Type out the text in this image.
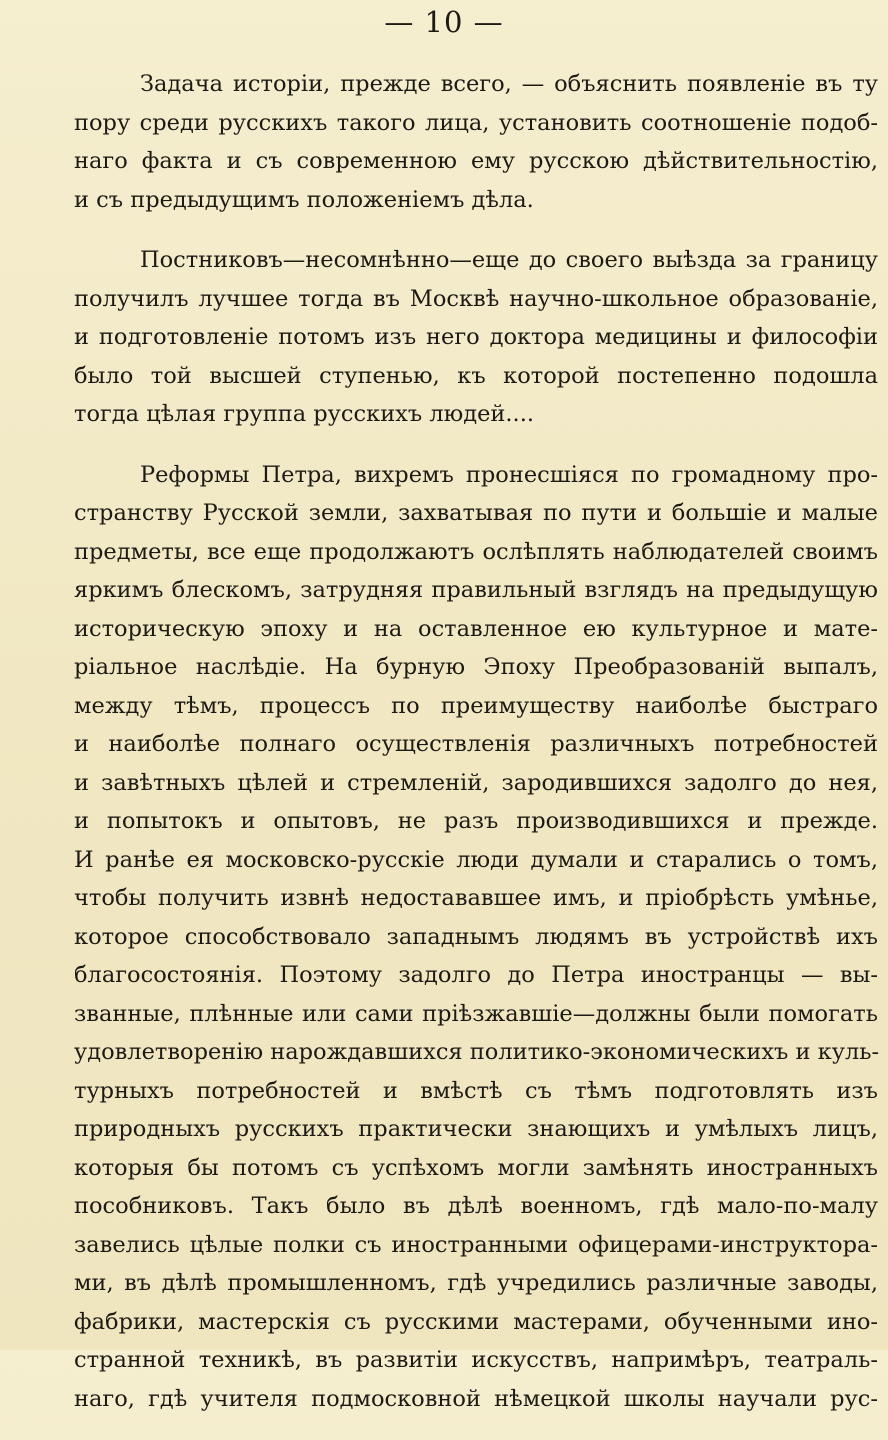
— 10 —
Задача исторіи, прежде всего, — объяснить появленіе въ ту
пору среди русскихъ такого лица, установить соотношеніе подоб-
наго факта и съ современною ему русскою дѣйствительностію,
и съ предыдущимъ положеніемъ дѣла.
Постниковъ—несомнѣнно—еще до своего выѣзда за границу
получилъ лучшее тогда въ Москвѣ научно-школьное образованіе,
и подготовленіе потомъ изъ него доктора медицины и философіи
было той высшей ступенью, къ которой постепенно подошла
тогда цѣлая группа русскихъ людей....
Реформы Петра, вихремъ пронесшіяся по громадному про-
странству Русской земли, захватывая по пути и большіе и малые
предметы, все еще продолжаютъ ослѣплять наблюдателей своимъ
яркимъ блескомъ, затрудняя правильный взглядъ на предыдущую
историческую эпоху и на оставленное ею культурное и мате-
ріальное наслѣдіе. На бурную Эпоху Преобразованій выпалъ,
между тѣмъ, процессъ по преимуществу наиболѣе быстраго
и наиболѣе полнаго осуществленія различныхъ потребностей
и завѣтныхъ цѣлей и стремленій, зародившихся задолго до нея,
и попытокъ и опытовъ, не разъ производившихся и прежде.
И ранѣе ея московско-русскіе люди думали и старались о томъ,
чтобы получить извнѣ недостававшее имъ, и пріобрѣсть умѣнье,
которое способствовало западнымъ людямъ въ устройствѣ ихъ
благосостоянія. Поэтому задолго до Петра иностранцы — вы-
званные, плѣнные или сами пріѣзжавшіе—должны были помогать
удовлетворенію нарождавшихся политико-экономическихъ и куль-
турныхъ потребностей и вмѣстѣ съ тѣмъ подготовлять изъ
природныхъ русскихъ практически знающихъ и умѣлыхъ лицъ,
которыя бы потомъ съ успѣхомъ могли замѣнять иностранныхъ
пособниковъ. Такъ было въ дѣлѣ военномъ, гдѣ мало-по-малу
завелись цѣлые полки съ иностранными офицерами-инструктора-
ми, въ дѣлѣ промышленномъ, гдѣ учредились различные заводы,
фабрики, мастерскія съ русскими мастерами, обученными ино-
странной техникѣ, въ развитіи искусствъ, напримѣръ, театраль-
наго, гдѣ учителя подмосковной нѣмецкой школы научали рус-
